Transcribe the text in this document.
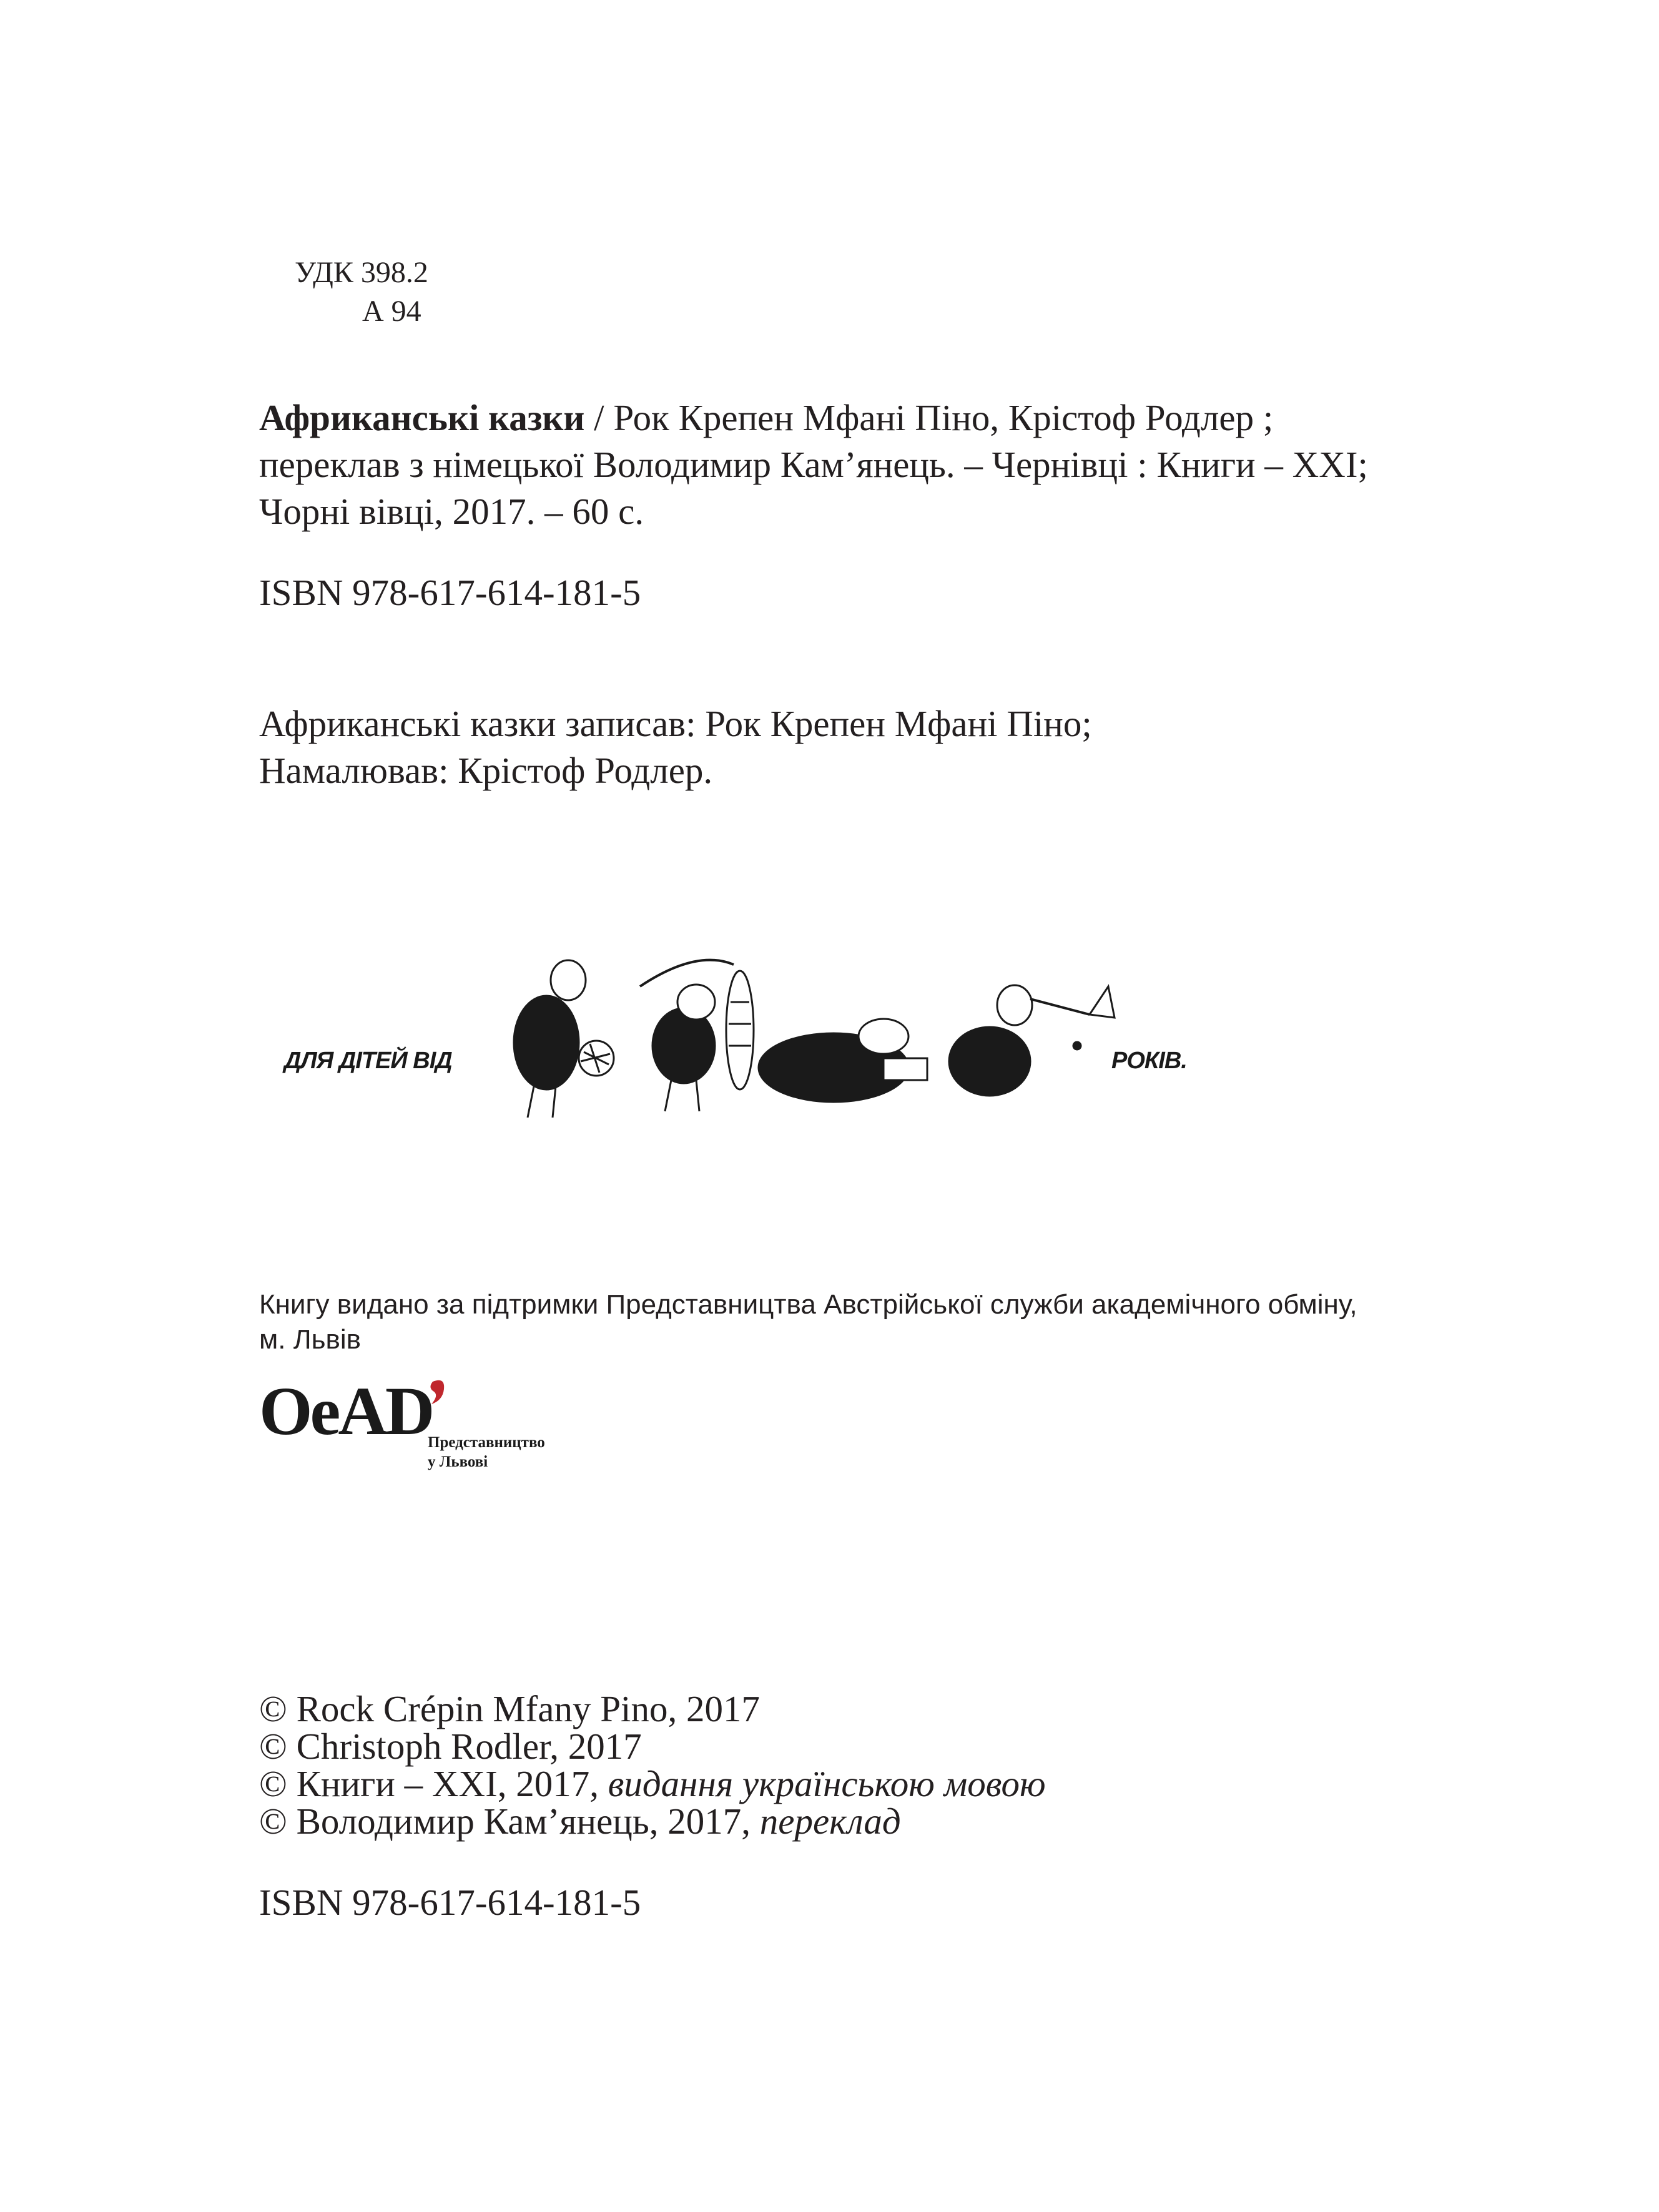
УДК 398.2
А 94
Африканські казки / Рок Крепен Мфані Піно, Крістоф Родлер ;
переклав з німецької Володимир Кам’янець. – Чернівці : Книги – XXI;
Чорні вівці, 2017. – 60 с.
ISBN 978-617-614-181-5
Африканські казки записав: Рок Крепен Мфані Піно;
Намалював: Крістоф Родлер.
ДЛЯ ДІТЕЙ ВІД	РОКІВ.
Книгу видано за підтримки Представництва Австрійської служби академічного обміну,
м. Львів
OeAD
Представництво
у Львові
© Rock Crépin Mfany Pino, 2017
© Christoph Rodler, 2017
© Книги – XXI, 2017, видання українською мовою
© Володимир Кам’янець, 2017, переклад
ISBN 978-617-614-181-5
